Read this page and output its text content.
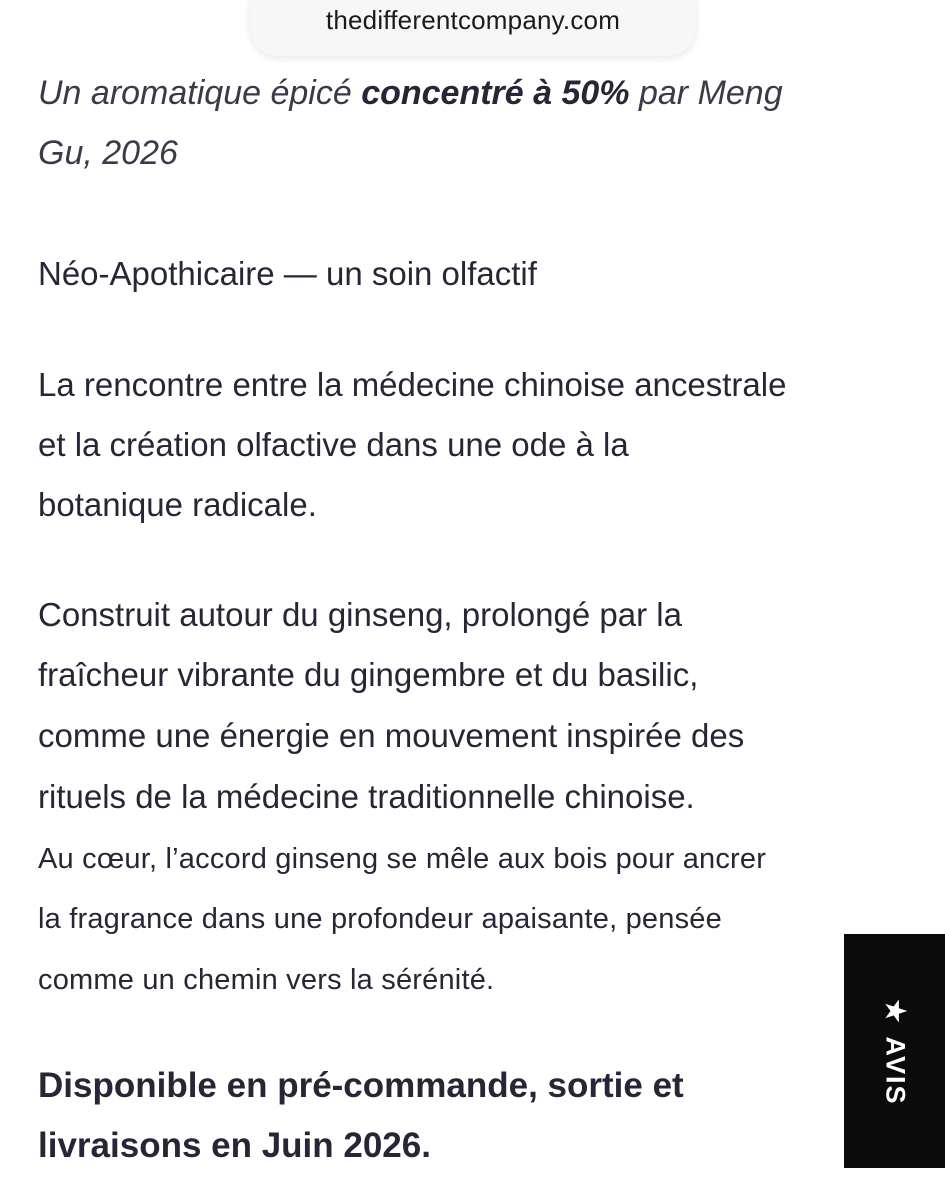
thedifferentcompany.com
Un aromatique épicé concentré à 50% par Meng
Gu, 2026
Néo-Apothicaire — un soin olfactif
La rencontre entre la médecine chinoise ancestrale
et la création olfactive dans une ode à la
botanique radicale.
Construit autour du ginseng, prolongé par la
fraîcheur vibrante du gingembre et du basilic,
comme une énergie en mouvement inspirée des
rituels de la médecine traditionnelle chinoise.
Au cœur, l’accord ginseng se mêle aux bois pour ancrer
la fragrance dans une profondeur apaisante, pensée
comme un chemin vers la sérénité.
Disponible en pré-commande, sortie et
livraisons en Juin 2026.
★
AVIS
